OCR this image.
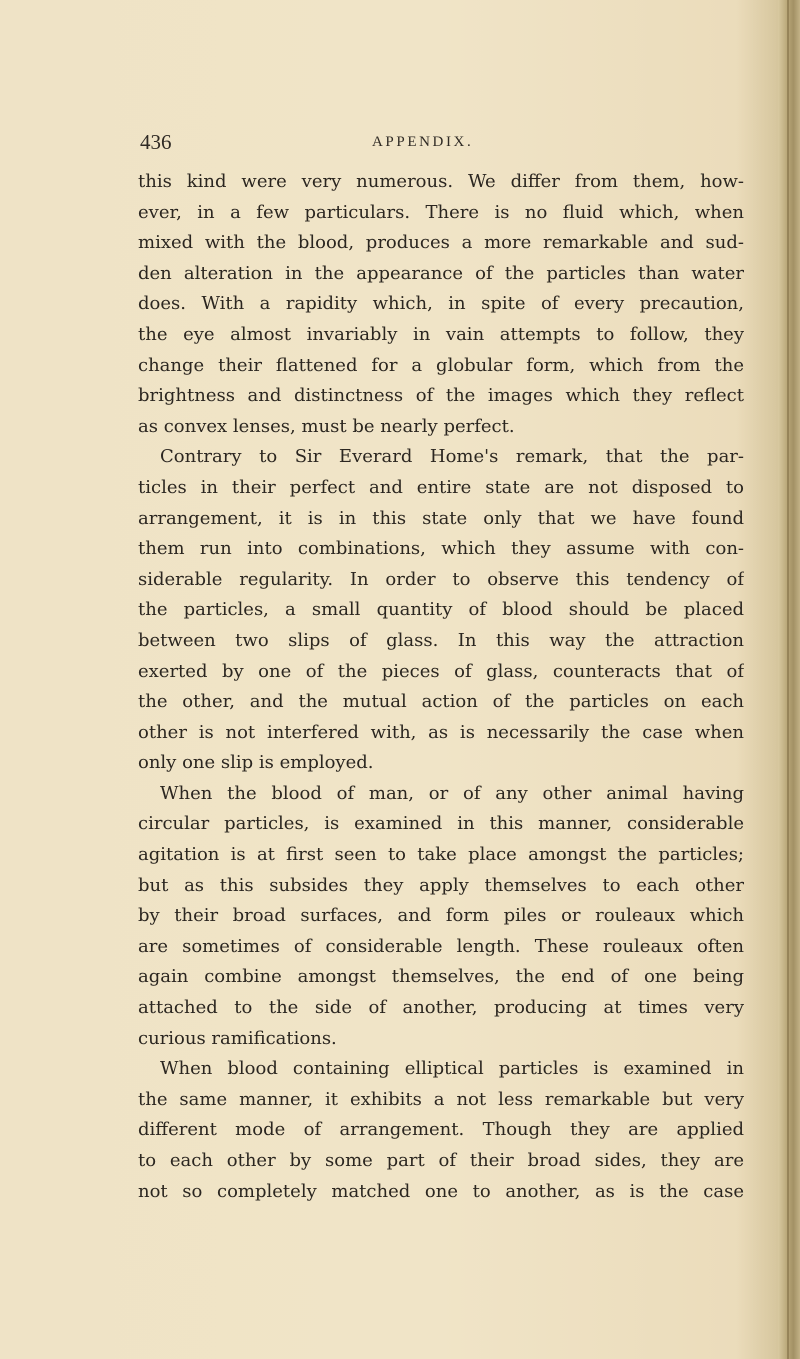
436	APPENDIX.
this kind were very numerous. We differ from them, how-
ever, in a few particulars. There is no fluid which, when
mixed with the blood, produces a more remarkable and sud-
den alteration in the appearance of the particles than water
does. With a rapidity which, in spite of every precaution,
the eye almost invariably in vain attempts to follow, they
change their flattened for a globular form, which from the
brightness and distinctness of the images which they reflect
as convex lenses, must be nearly perfect.
Contrary to Sir Everard Home's remark, that the par-
ticles in their perfect and entire state are not disposed to
arrangement, it is in this state only that we have found
them run into combinations, which they assume with con-
siderable regularity. In order to observe this tendency of
the particles, a small quantity of blood should be placed
between two slips of glass. In this way the attraction
exerted by one of the pieces of glass, counteracts that of
the other, and the mutual action of the particles on each
other is not interfered with, as is necessarily the case when
only one slip is employed.
When the blood of man, or of any other animal having
circular particles, is examined in this manner, considerable
agitation is at first seen to take place amongst the particles;
but as this subsides they apply themselves to each other
by their broad surfaces, and form piles or rouleaux which
are sometimes of considerable length. These rouleaux often
again combine amongst themselves, the end of one being
attached to the side of another, producing at times very
curious ramifications.
When blood containing elliptical particles is examined in
the same manner, it exhibits a not less remarkable but very
different mode of arrangement. Though they are applied
to each other by some part of their broad sides, they are
not so completely matched one to another, as is the case
